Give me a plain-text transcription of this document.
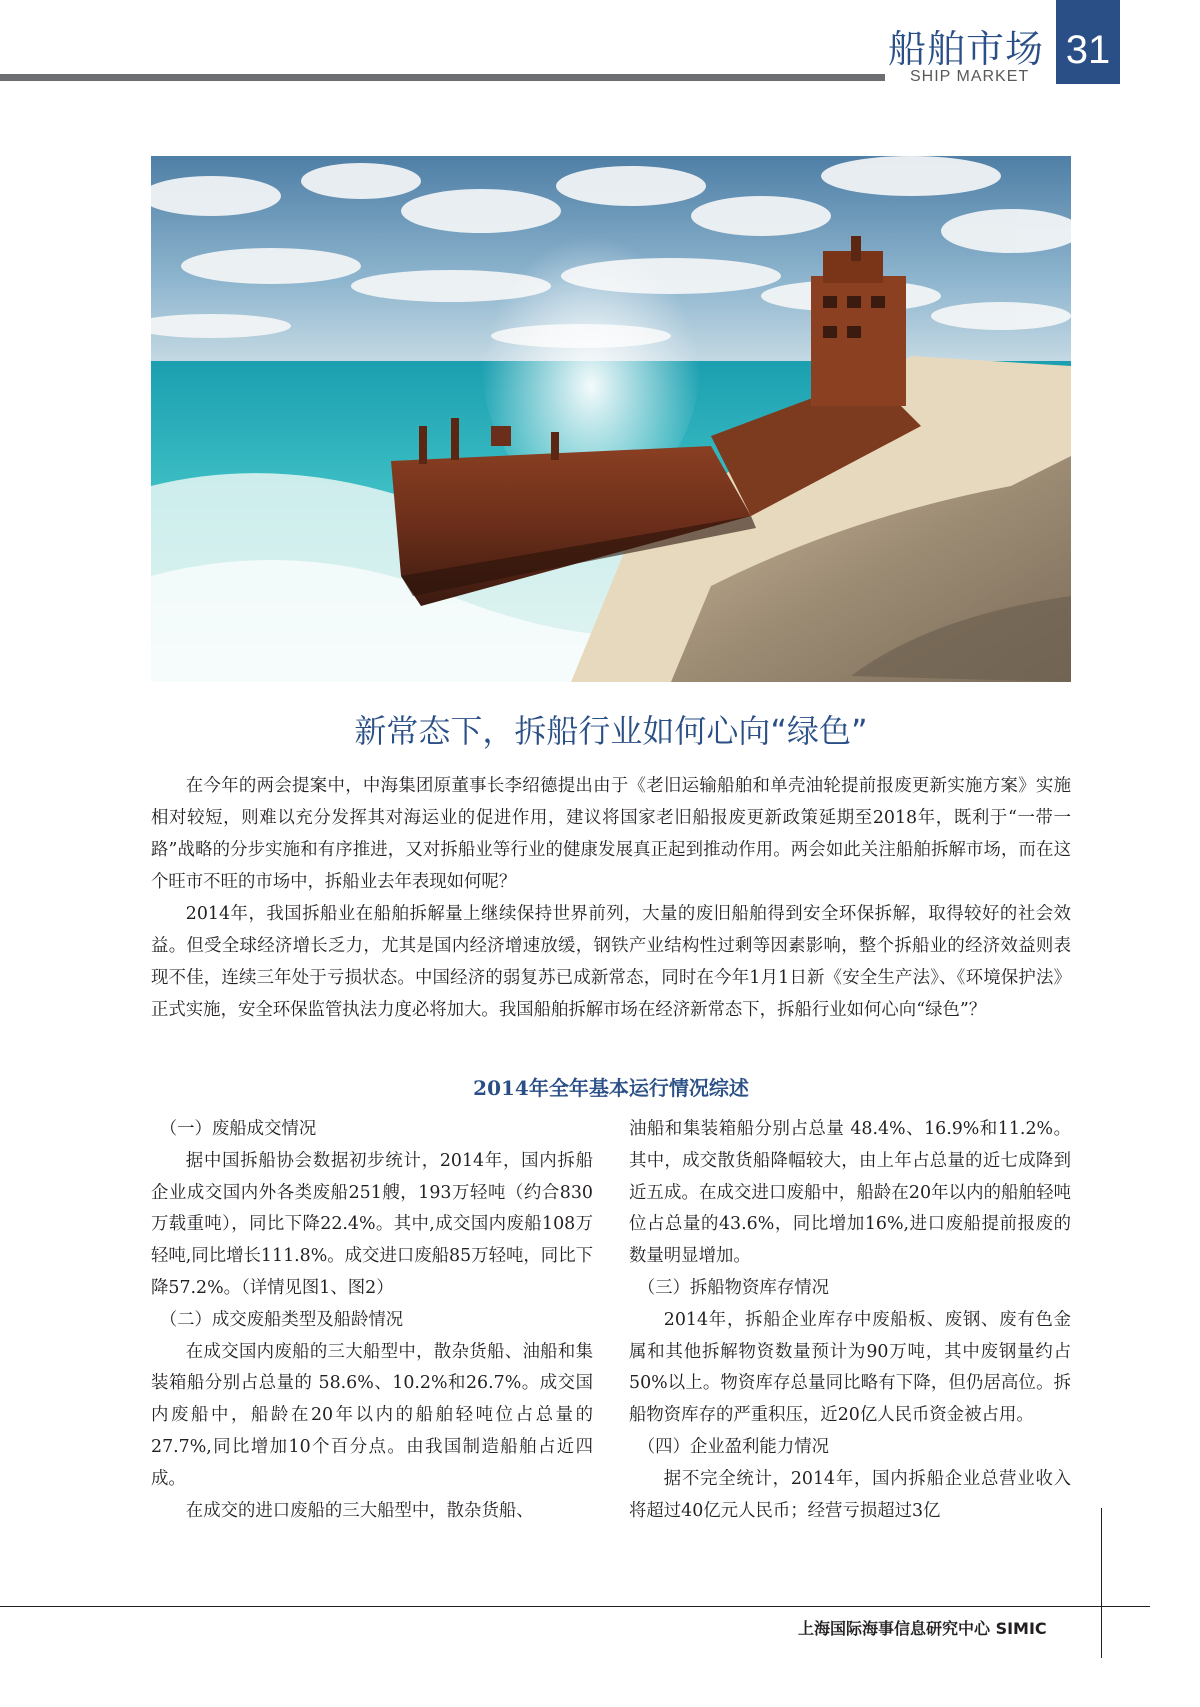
船舶市场
SHIP MARKET
31
新常态下，拆船行业如何心向“绿色”

在今年的两会提案中，中海集团原董事长李绍德提出由于《老旧运输船舶和单壳油轮提前报废更新实施方案》实施相对较短，则难以充分发挥其对海运业的促进作用，建议将国家老旧船报废更新政策延期至2018年，既利于“一带一路”战略的分步实施和有序推进，又对拆船业等行业的健康发展真正起到推动作用。两会如此关注船舶拆解市场，而在这个旺市不旺的市场中，拆船业去年表现如何呢？

2014年，我国拆船业在船舶拆解量上继续保持世界前列，大量的废旧船舶得到安全环保拆解，取得较好的社会效益。但受全球经济增长乏力，尤其是国内经济增速放缓，钢铁产业结构性过剩等因素影响，整个拆船业的经济效益则表现不佳，连续三年处于亏损状态。中国经济的弱复苏已成新常态，同时在今年1月1日新《安全生产法》、《环境保护法》正式实施，安全环保监管执法力度必将加大。我国船舶拆解市场在经济新常态下，拆船行业如何心向“绿色”？

2014年全年基本运行情况综述

（一）废船成交情况

据中国拆船协会数据初步统计，2014年，国内拆船企业成交国内外各类废船251艘，193万轻吨（约合830万载重吨），同比下降22.4%。其中,成交国内废船108万轻吨,同比增长111.8%。成交进口废船85万轻吨，同比下降57.2%。（详情见图1、图2）

（二）成交废船类型及船龄情况

在成交国内废船的三大船型中，散杂货船、油船和集装箱船分别占总量的 58.6%、10.2%和26.7%。成交国内废船中，船龄在20年以内的船舶轻吨位占总量的27.7%,同比增加10个百分点。由我国制造船舶占近四成。

在成交的进口废船的三大船型中，散杂货船、

油船和集装箱船分别占总量 48.4%、16.9%和11.2%。其中，成交散货船降幅较大，由上年占总量的近七成降到近五成。在成交进口废船中，船龄在20年以内的船舶轻吨位占总量的43.6%，同比增加16%,进口废船提前报废的数量明显增加。

（三）拆船物资库存情况

2014年，拆船企业库存中废船板、废钢、废有色金属和其他拆解物资数量预计为90万吨，其中废钢量约占50%以上。物资库存总量同比略有下降，但仍居高位。拆船物资库存的严重积压，近20亿人民币资金被占用。

（四）企业盈利能力情况

据不完全统计，2014年，国内拆船企业总营业收入将超过40亿元人民币；经营亏损超过3亿

上海国际海事信息研究中心 SIMIC
